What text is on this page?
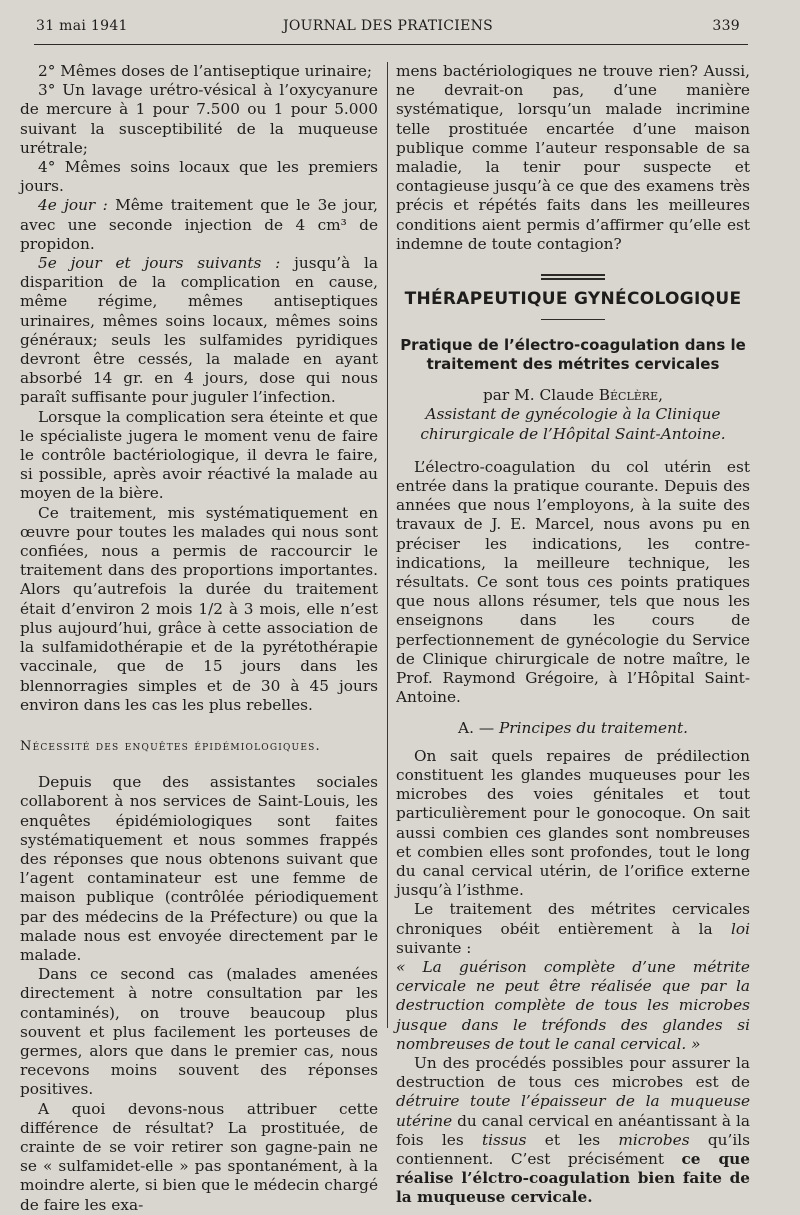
31 mai 1941	JOURNAL DES PRATICIENS	339

2° Mêmes doses de l’antiseptique urinaire;

3° Un lavage urétro-vésical à l’oxycyanure de mercure à 1 pour 7.500 ou 1 pour 5.000 suivant la susceptibilité de la muqueuse urétrale;

4° Mêmes soins locaux que les premiers jours.

4e jour : Même traitement que le 3e jour, avec une seconde injection de 4 cm³ de propidon.

5e jour et jours suivants : jusqu’à la disparition de la complication en cause, même régime, mêmes antiseptiques urinaires, mêmes soins locaux, mêmes soins généraux; seuls les sulfamides pyridiques devront être cessés, la malade en ayant absorbé 14 gr. en 4 jours, dose qui nous paraît suffisante pour juguler l’infection.

Lorsque la complication sera éteinte et que le spécialiste jugera le moment venu de faire le contrôle bactériologique, il devra le faire, si possible, après avoir réactivé la malade au moyen de la bière.

Ce traitement, mis systématiquement en œuvre pour toutes les malades qui nous sont confiées, nous a permis de raccourcir le traitement dans des proportions importantes. Alors qu’autrefois la durée du traitement était d’environ 2 mois 1/2 à 3 mois, elle n’est plus aujourd’hui, grâce à cette association de la sulfamidothérapie et de la pyrétothérapie vaccinale, que de 15 jours dans les blennorragies simples et de 30 à 45 jours environ dans les cas les plus rebelles.

Nécessité des enquêtes épidémiologiques.

Depuis que des assistantes sociales collaborent à nos services de Saint-Louis, les enquêtes épidémiologiques sont faites systématiquement et nous sommes frappés des réponses que nous obtenons suivant que l’agent contaminateur est une femme de maison publique (contrôlée périodiquement par des médecins de la Préfecture) ou que la malade nous est envoyée directement par le malade.

Dans ce second cas (malades amenées directement à notre consultation par les contaminés), on trouve beaucoup plus souvent et plus facilement les porteuses de germes, alors que dans le premier cas, nous recevons moins souvent des réponses positives.

A quoi devons-nous attribuer cette différence de résultat? La prostituée, de crainte de se voir retirer son gagne-pain ne se « sulfamidet-elle » pas spontanément, à la moindre alerte, si bien que le médecin chargé de faire les exa-

mens bactériologiques ne trouve rien? Aussi, ne devrait-on pas, d’une manière systématique, lorsqu’un malade incrimine telle prostituée encartée d’une maison publique comme l’auteur responsable de sa maladie, la tenir pour suspecte et contagieuse jusqu’à ce que des examens très précis et répétés faits dans les meilleures conditions aient permis d’affirmer qu’elle est indemne de toute contagion?

THÉRAPEUTIQUE GYNÉCOLOGIQUE
Pratique de l’électro-coagulation dans le traitement des métrites cervicales

par M. Claude Béclère,

Assistant de gynécologie à la Clinique chirurgicale de l’Hôpital Saint-Antoine.

L’électro-coagulation du col utérin est entrée dans la pratique courante. Depuis des années que nous l’employons, à la suite des travaux de J. E. Marcel, nous avons pu en préciser les indications, les contre-indications, la meilleure technique, les résultats. Ce sont tous ces points pratiques que nous allons résumer, tels que nous les enseignons dans les cours de perfectionnement de gynécologie du Service de Clinique chirurgicale de notre maître, le Prof. Raymond Grégoire, à l’Hôpital Saint-Antoine.

A. — Principes du traitement.

On sait quels repaires de prédilection constituent les glandes muqueuses pour les microbes des voies génitales et tout particulièrement pour le gonocoque. On sait aussi combien ces glandes sont nombreuses et combien elles sont profondes, tout le long du canal cervical utérin, de l’orifice externe jusqu’à l’isthme.

Le traitement des métrites cervicales chroniques obéit entièrement à la loi suivante :

« La guérison complète d’une métrite cervicale ne peut être réalisée que par la destruction complète de tous les microbes jusque dans le tréfonds des glandes si nombreuses de tout le canal cervical. »

Un des procédés possibles pour assurer la destruction de tous ces microbes est de détruire toute l’épaisseur de la muqueuse utérine du canal cervical en anéantissant à la fois les tissus et les microbes qu’ils contiennent. C’est précisément ce que réalise l’élctro-coagulation bien faite de la muqueuse cervicale.
